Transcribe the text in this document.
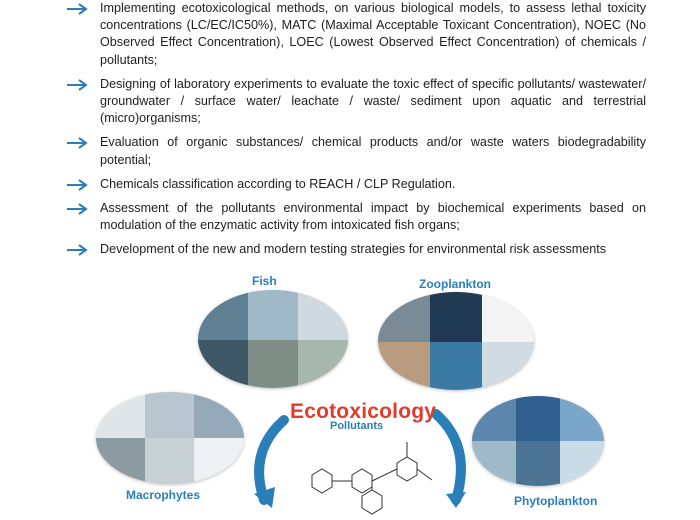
Implementing ecotoxicological methods, on various biological models, to assess lethal toxicity concentrations (LC/EC/IC50%), MATC (Maximal Acceptable Toxicant Concentration), NOEC (No Observed Effect Concentration), LOEC (Lowest Observed Effect Concentration) of chemicals / pollutants;
Designing of laboratory experiments to evaluate the toxic effect of specific pollutants/ wastewater/ groundwater / surface water/ leachate / waste/ sediment upon aquatic and terrestrial (micro)organisms;
Evaluation of organic substances/ chemical products and/or waste waters biodegradability potential;
Chemicals classification according to REACH / CLP Regulation.
Assessment of the pollutants environmental impact by biochemical experiments based on modulation of the enzymatic activity from intoxicated fish organs;
Development of the new and modern testing strategies for environmental risk assessments
Fish	Zooplankton
Macrophytes	Phytoplankton
Ecotoxicology
Pollutants
